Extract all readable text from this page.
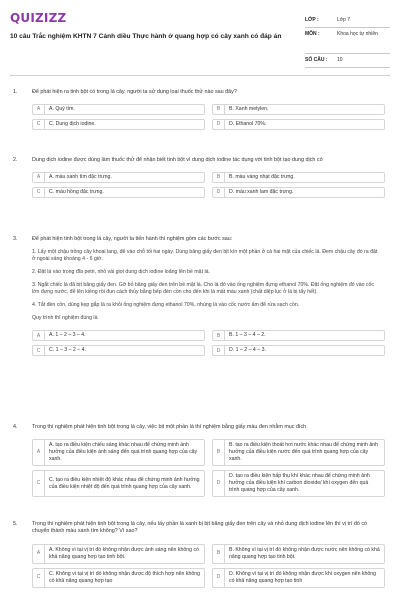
QUIZIZZ
10 câu Trắc nghiệm KHTN 7 Cánh diều Thực hành ở quang hợp có cây xanh có đáp án
LỚP :	Lớp 7
MÔN :	Khoa học tự nhiên
SỐ CÂU :	10
1.	Để phát hiện ra tinh bột có trong lá cây, người ta sử dụng loại thuốc thử nào sau đây?
A	A. Quỳ tím.	B	B. Xanh metylen.
C	C. Dung dịch iodine.	D	D. Ethanol 70%.
2.	Dung dịch iodine được dùng làm thuốc thử để nhận biết tinh bột vì dung dịch iodine tác dụng với tinh bột tạo dung dịch có
A	A. màu xanh tím đặc trưng.	B	B. màu vàng nhạt đặc trưng.
C	C. màu hồng đặc trưng.	D	D. màu xanh lam đặc trưng.
3.	Để phát hiện tinh bột trong lá cây, người ta tiến hành thí nghiệm gồm các bước sau:
1. Lấy một chậu trồng cây khoai lang, để vào chỗ tối hai ngày. Dùng băng giấy đen bịt kín một phần ở cả hai mặt của chiếc lá. Đem chậu cây đó ra đặt ở ngoài sáng khoảng 4 - 6 giờ.
2. Đặt lá vào trong đĩa petri, nhỏ vài giọt dung dịch iodine loãng lên bề mặt lá.
3. Ngắt chiếc lá đã bịt băng giấy đen. Gỡ bỏ băng giấy đen trên bề mặt lá. Cho lá đó vào ống nghiệm đựng ethanol 70%. Đặt ống nghiệm đó vào cốc lớn đựng nước, để lên kiềng rồi đun cách thủy bằng bếp đèn cồn cho đến khi lá mất màu xanh (chất diệp lục ở lá bị tẩy hết).
4. Tắt đèn cồn, dùng kẹp gắp lá ra khỏi ống nghiệm đựng ethanol 70%, nhúng lá vào cốc nước ấm để rửa sạch cồn.
Quy trình thí nghiệm đúng là
A	A. 1 – 2 – 3 – 4.	B	B. 1 – 3 – 4 – 2.
C	C. 1 – 3 – 2 – 4.	D	D. 1 – 2 – 4 – 3.
4.	Trong thí nghiệm phát hiện tinh bột trong lá cây, việc bịt một phần lá thí nghiệm bằng giấy màu đen nhằm mục đích
A
A. tạo ra điều kiện chiếu sáng khác nhau để chứng minh ánh hưởng của điều kiện ánh sáng đến quá trình quang hợp của cây xanh.
B
B. tạo ra điều kiện thoát hơi nước khác nhau để chứng minh ảnh hưởng của điều kiện nước đến quá trình quang hợp của cây xanh.
C
C. tạo ra điều kiện nhiệt độ khác nhau để chứng minh ảnh hưởng của điều kiện nhiệt độ đến quá trình quang hợp của cây xanh.
D
D. tạo ra điều kiện hấp thụ khí khác nhau để chứng minh ảnh hưởng của điều kiện khí carbon dioxide/ khí oxygen đến quá trình quang hợp của cây xanh.
5.	Trong thí nghiệm phát hiện tinh bột trong lá cây, nếu lấy phần lá xanh bị bịt băng giấy đen trên cây và nhỏ dung dịch iodine lên thì vị trí đó có chuyển thành màu xanh tím không? Vì sao?
A
A. Không vì tại vị trí đó không nhận được ánh sáng nên không có khả năng quang hợp tạo tinh bột.
B
B. Không vì tại vị trí đó không nhận được nước nên không có khả năng quang hợp tạo tinh bột.
C
C. Không vì tại vị trí đó không nhận được độ thích hợp nên không có khả năng quang hợp tạo
D
D. Không vì tại vị trí đó không nhận được khí oxygen nên không có khả năng quang hợp tạo tinh
